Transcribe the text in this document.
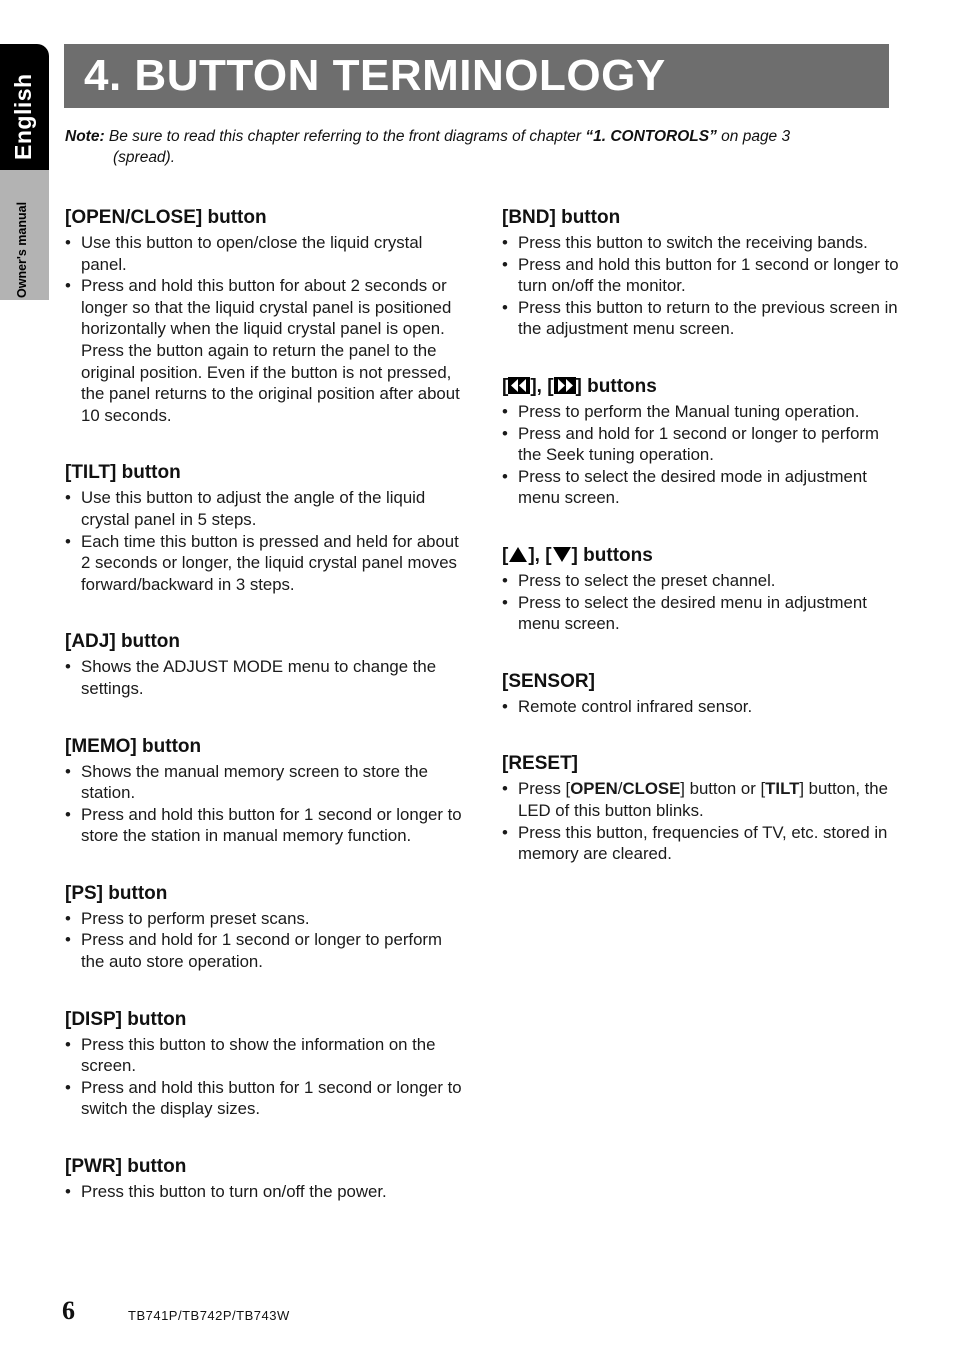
English
Owner's manual
4. BUTTON TERMINOLOGY
Note: Be sure to read this chapter referring to the front diagrams of chapter “1. CONTOROLS” on page 3
(spread).
[OPEN/CLOSE] button
• Use this button to open/close the liquid crystal panel.
• Press and hold this button for about 2 seconds or longer so that the liquid crystal panel is positioned horizontally when the liquid crystal panel is open. Press the button again to return the panel to the original position. Even if the button is not pressed, the panel returns to the original position after about 10 seconds.
[TILT] button
• Use this button to adjust the angle of the liquid crystal panel in 5 steps.
• Each time this button is pressed and held for about 2 seconds or longer, the liquid crystal panel moves forward/backward in 3 steps.
[ADJ] button
• Shows the ADJUST MODE menu to change the settings.
[MEMO] button
• Shows the manual memory screen to store the station.
• Press and hold this button for 1 second or longer to store the station in manual memory function.
[PS] button
• Press to perform preset scans.
• Press and hold for 1 second or longer to perform the auto store operation.
[DISP] button
• Press this button to show the information on the screen.
• Press and hold this button for 1 second or longer to switch the display sizes.
[PWR] button
• Press this button to turn on/off the power.
[BND] button
• Press this button to switch the receiving bands.
• Press and hold this button for 1 second or longer to turn on/off the monitor.
• Press this button to return to the previous screen in the adjustment menu screen.
[ ], [ ] buttons
• Press to perform the Manual tuning operation.
• Press and hold for 1 second or longer to perform the Seek tuning operation.
• Press to select the desired mode in adjustment menu screen.
[ ], [ ] buttons
• Press to select the preset channel.
• Press to select the desired menu in adjustment menu screen.
[SENSOR]
• Remote control infrared sensor.
[RESET]
• Press [OPEN/CLOSE] button or [TILT] button, the LED of this button blinks.
• Press this button, frequencies of TV, etc. stored in memory are cleared.
6	TB741P/TB742P/TB743W
